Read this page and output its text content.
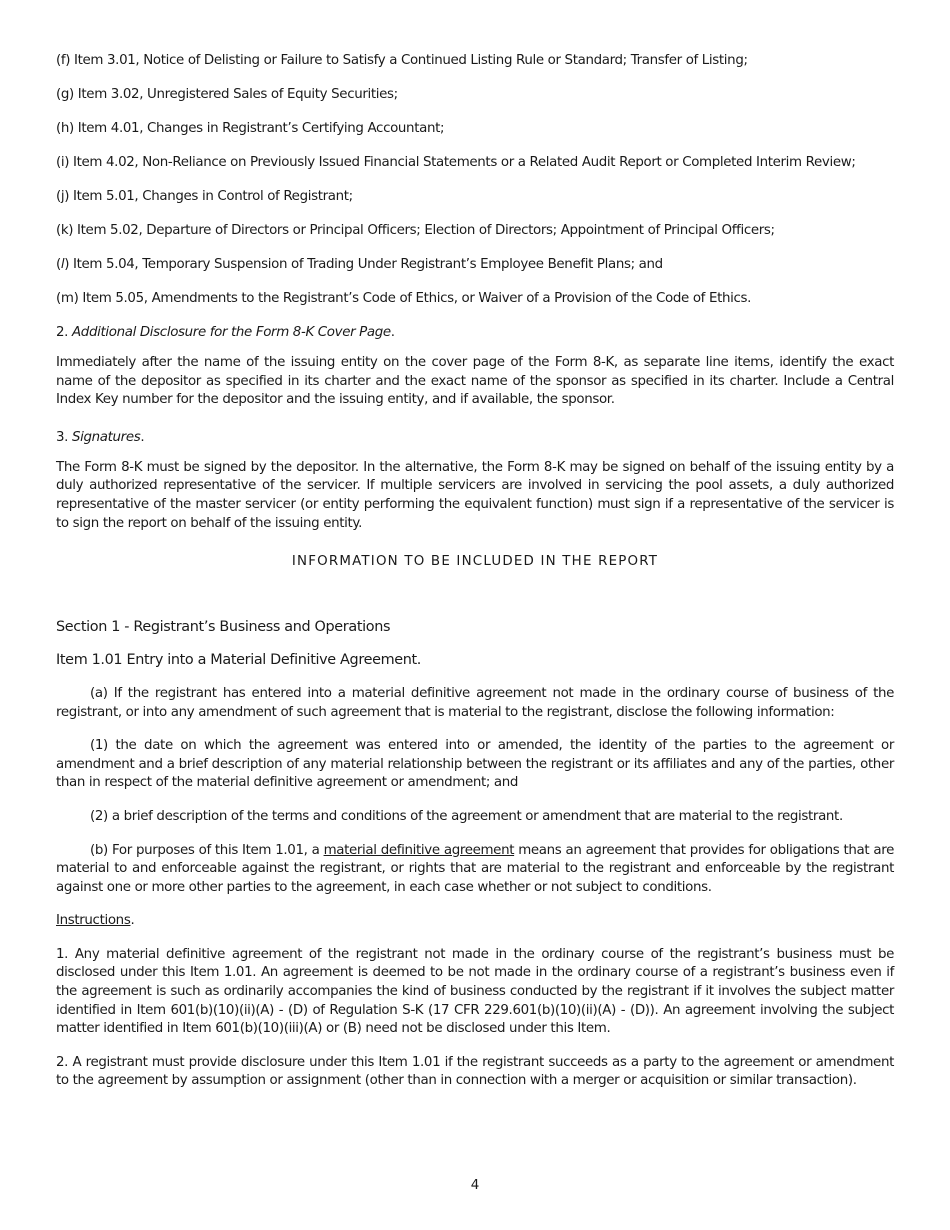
(f) Item 3.01, Notice of Delisting or Failure to Satisfy a Continued Listing Rule or Standard; Transfer of Listing;

(g) Item 3.02, Unregistered Sales of Equity Securities;

(h) Item 4.01, Changes in Registrant’s Certifying Accountant;

(i) Item 4.02, Non-Reliance on Previously Issued Financial Statements or a Related Audit Report or Completed Interim Review;

(j) Item 5.01, Changes in Control of Registrant;

(k) Item 5.02, Departure of Directors or Principal Officers; Election of Directors; Appointment of Principal Officers;

(l) Item 5.04, Temporary Suspension of Trading Under Registrant’s Employee Benefit Plans; and

(m) Item 5.05, Amendments to the Registrant’s Code of Ethics, or Waiver of a Provision of the Code of Ethics.

2. Additional Disclosure for the Form 8-K Cover Page.

Immediately after the name of the issuing entity on the cover page of the Form 8-K, as separate line items, identify the exact name of the depositor as specified in its charter and the exact name of the sponsor as specified in its charter. Include a Central Index Key number for the depositor and the issuing entity, and if available, the sponsor.

3. Signatures.

The Form 8-K must be signed by the depositor. In the alternative, the Form 8-K may be signed on behalf of the issuing entity by a duly authorized representative of the servicer. If multiple servicers are involved in servicing the pool assets, a duly authorized representative of the master servicer (or entity performing the equivalent function) must sign if a representative of the servicer is to sign the report on behalf of the issuing entity.

INFORMATION TO BE INCLUDED IN THE REPORT

Section 1 - Registrant’s Business and Operations

Item 1.01 Entry into a Material Definitive Agreement.

(a) If the registrant has entered into a material definitive agreement not made in the ordinary course of business of the registrant, or into any amendment of such agreement that is material to the registrant, disclose the following information:

(1) the date on which the agreement was entered into or amended, the identity of the parties to the agreement or amendment and a brief description of any material relationship between the registrant or its affiliates and any of the parties, other than in respect of the material definitive agreement or amendment; and

(2) a brief description of the terms and conditions of the agreement or amendment that are material to the registrant.

(b) For purposes of this Item 1.01, a material definitive agreement means an agreement that provides for obligations that are material to and enforceable against the registrant, or rights that are material to the registrant and enforceable by the registrant against one or more other parties to the agreement, in each case whether or not subject to conditions.

Instructions.

1. Any material definitive agreement of the registrant not made in the ordinary course of the registrant’s business must be disclosed under this Item 1.01. An agreement is deemed to be not made in the ordinary course of a registrant’s business even if the agreement is such as ordinarily accompanies the kind of business conducted by the registrant if it involves the subject matter identified in Item 601(b)(10)(ii)(A) - (D) of Regulation S-K (17 CFR 229.601(b)(10)(ii)(A) - (D)). An agreement involving the subject matter identified in Item 601(b)(10)(iii)(A) or (B) need not be disclosed under this Item.

2. A registrant must provide disclosure under this Item 1.01 if the registrant succeeds as a party to the agreement or amendment to the agreement by assumption or assignment (other than in connection with a merger or acquisition or similar transaction).

4
